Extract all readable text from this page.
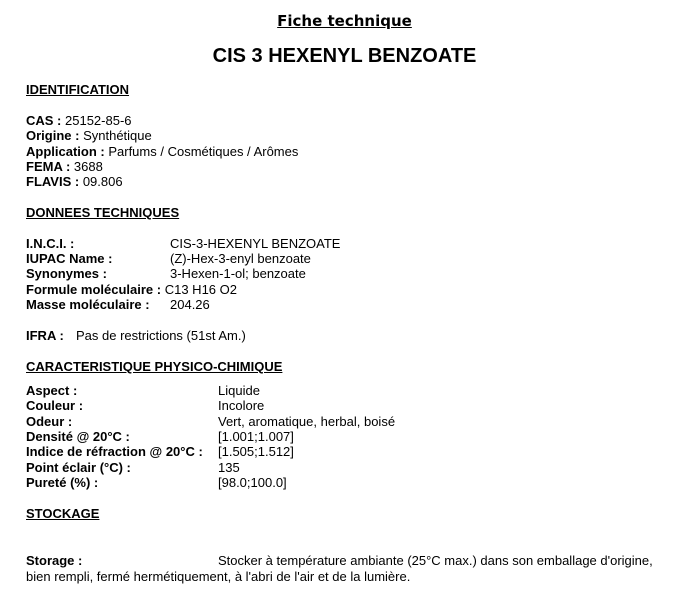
Fiche technique
CIS 3 HEXENYL BENZOATE
IDENTIFICATION
CAS : 25152-85-6
Origine : Synthétique
Application : Parfums / Cosmétiques / Arômes
FEMA : 3688
FLAVIS : 09.806
DONNEES TECHNIQUES
I.N.C.I. :	CIS-3-HEXENYL BENZOATE
IUPAC Name :	(Z)-Hex-3-enyl benzoate
Synonymes :	3-Hexen-1-ol; benzoate
Formule moléculaire : C13 H16 O2
Masse moléculaire : 204.26
IFRA : Pas de restrictions (51st Am.)
CARACTERISTIQUE PHYSICO-CHIMIQUE
Aspect :	Liquide
Couleur :	Incolore
Odeur :	Vert, aromatique, herbal, boisé
Densité @ 20°C :	[1.001;1.007]
Indice de réfraction @ 20°C : [1.505;1.512]
Point éclair (°C) :	135
Pureté (%) :	[98.0;100.0]
STOCKAGE
Storage :	Stocker à température ambiante (25°C max.) dans son emballage d'origine, bien rempli, fermé hermétiquement, à l'abri de l'air et de la lumière.
